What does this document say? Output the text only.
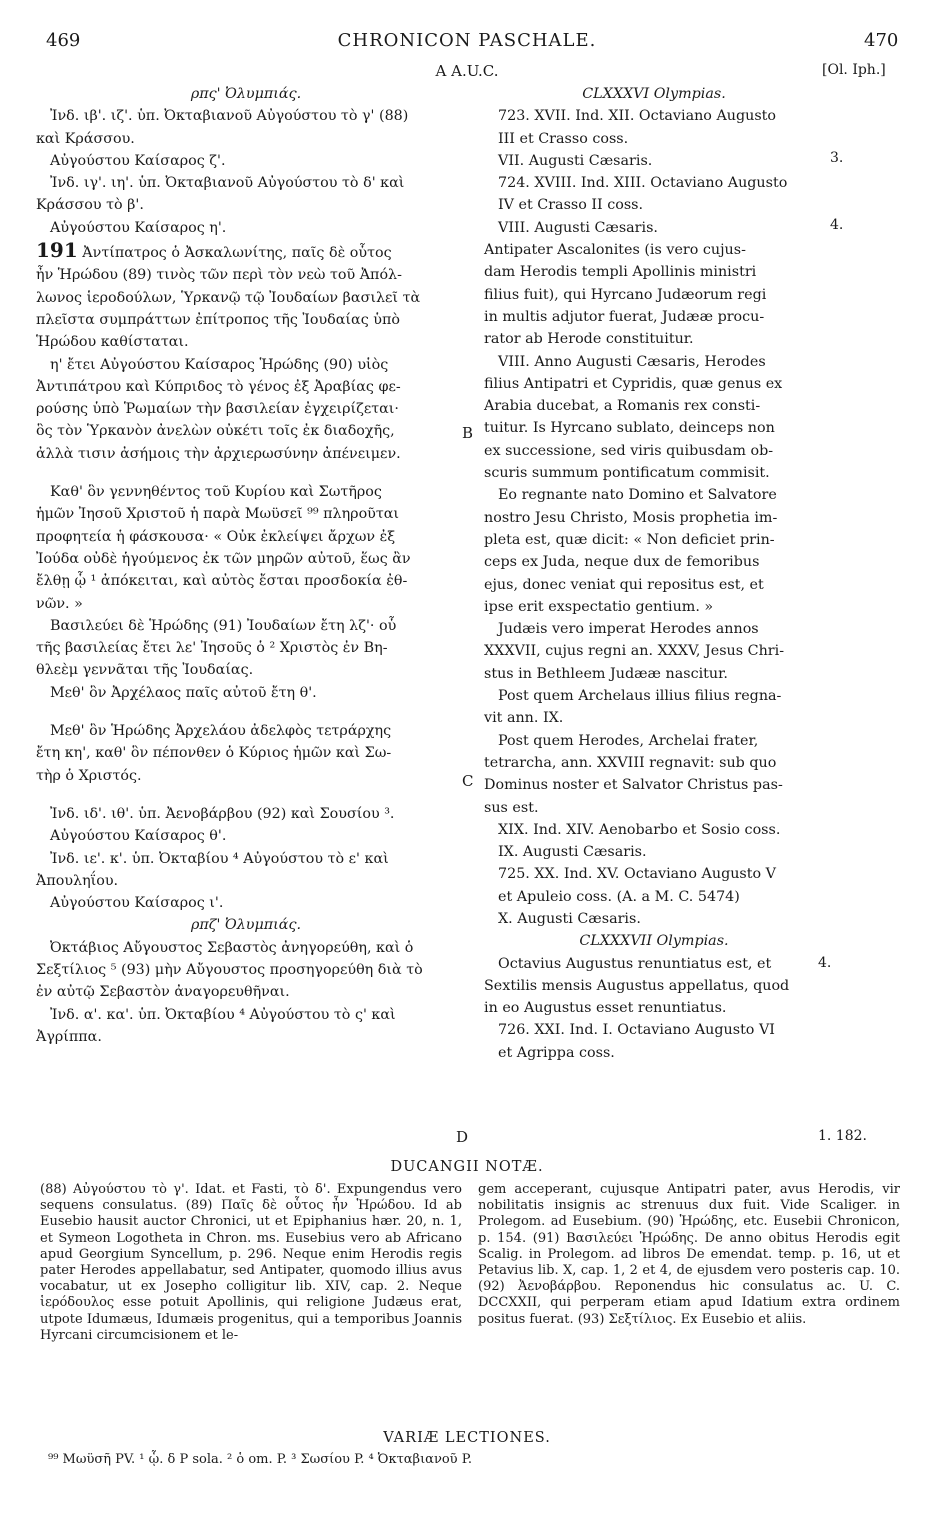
469	CHRONICON PASCHALE.	470
A A.U.C.	[Ol. Iph.]

ρπς' Ὀλυμπιάς.

Ἰνδ. ιβ'. ιζ'. ὑπ. Ὀκταβιανοῦ Αὐγούστου τὸ γ' (88)

καὶ Κράσσου.

Αὐγούστου Καίσαρος ζ'.

Ἰνδ. ιγ'. ιη'. ὑπ. Ὀκταβιανοῦ Αὐγούστου τὸ δ' καὶ

Κράσσου τὸ β'.

Αὐγούστου Καίσαρος η'.

191 Ἀντίπατρος ὁ Ἀσκαλωνίτης, παῖς δὲ οὗτος

ἦν Ἡρώδου (89) τινὸς τῶν περὶ τὸν νεὼ τοῦ Ἀπόλ-

λωνος ἱεροδούλων, Ὑρκανῷ τῷ Ἰουδαίων βασιλεῖ τὰ

πλεῖστα συμπράττων ἐπίτροπος τῆς Ἰουδαίας ὑπὸ

Ἡρώδου καθίσταται.

η' ἔτει Αὐγούστου Καίσαρος Ἡρώδης (90) υἱὸς

Ἀντιπάτρου καὶ Κύπριδος τὸ γένος ἐξ Ἀραβίας φε-

ρούσης ὑπὸ Ῥωμαίων τὴν βασιλείαν ἐγχειρίζεται·

ὃς τὸν Ὑρκανὸν ἀνελὼν οὐκέτι τοῖς ἐκ διαδοχῆς,

ἀλλὰ τισιν ἀσήμοις τὴν ἀρχιερωσύνην ἀπένειμεν.

Καθ' ὃν γεννηθέντος τοῦ Κυρίου καὶ Σωτῆρος

ἡμῶν Ἰησοῦ Χριστοῦ ἡ παρὰ Μωϋσεῖ ⁹⁹ πληροῦται

προφητεία ἡ φάσκουσα· « Οὐκ ἐκλείψει ἄρχων ἐξ

Ἰούδα οὐδὲ ἡγούμενος ἐκ τῶν μηρῶν αὐτοῦ, ἕως ἂν

ἔλθῃ ᾧ ¹ ἀπόκειται, καὶ αὐτὸς ἔσται προσδοκία ἐθ-

νῶν. »

Βασιλεύει δὲ Ἡρώδης (91) Ἰουδαίων ἔτη λζ'· οὗ

τῆς βασιλείας ἔτει λε' Ἰησοῦς ὁ ² Χριστὸς ἐν Βη-

θλεὲμ γεννᾶται τῆς Ἰουδαίας.

Μεθ' ὃν Ἀρχέλαος παῖς αὐτοῦ ἔτη θ'.

Μεθ' ὃν Ἡρώδης Ἀρχελάου ἀδελφὸς τετράρχης

ἔτη κη', καθ' ὃν πέπονθεν ὁ Κύριος ἡμῶν καὶ Σω-

τὴρ ὁ Χριστός.

Ἰνδ. ιδ'. ιθ'. ὑπ. Ἀενοβάρβου (92) καὶ Σουσίου ³.

Αὐγούστου Καίσαρος θ'.

Ἰνδ. ιε'. κ'. ὑπ. Ὀκταβίου ⁴ Αὐγούστου τὸ ε' καὶ

Ἀπουληΐου.

Αὐγούστου Καίσαρος ι'.

ρπζ' Ὀλυμπιάς.

Ὀκτάβιος Αὔγουστος Σεβαστὸς ἀνηγορεύθη, καὶ ὁ

Σεξτίλιος ⁵ (93) μὴν Αὔγουστος προσηγορεύθη διὰ τὸ

ἐν αὐτῷ Σεβαστὸν ἀναγορευθῆναι.

Ἰνδ. α'. κα'. ὑπ. Ὀκταβίου ⁴ Αὐγούστου τὸ ς' καὶ

Ἀγρίππα.

CLXXXVI Olympias.

723. XVII. Ind. XII. Octaviano Augusto

III et Crasso coss.

VII. Augusti Cæsaris.

724. XVIII. Ind. XIII. Octaviano Augusto

IV et Crasso II coss.

VIII. Augusti Cæsaris.

Antipater Ascalonites (is vero cujus-

dam Herodis templi Apollinis ministri

filius fuit), qui Hyrcano Judæorum regi

in multis adjutor fuerat, Judææ procu-

rator ab Herode constituitur.

VIII. Anno Augusti Cæsaris, Herodes

filius Antipatri et Cypridis, quæ genus ex

Arabia ducebat, a Romanis rex consti-

tuitur. Is Hyrcano sublato, deinceps non

ex successione, sed viris quibusdam ob-

scuris summum pontificatum commisit.

Eo regnante nato Domino et Salvatore

nostro Jesu Christo, Mosis prophetia im-

pleta est, quæ dicit: « Non deficiet prin-

ceps ex Juda, neque dux de femoribus

ejus, donec veniat qui repositus est, et

ipse erit exspectatio gentium. »

Judæis vero imperat Herodes annos

XXXVII, cujus regni an. XXXV, Jesus Chri-

stus in Bethleem Judææ nascitur.

Post quem Archelaus illius filius regna-

vit ann. IX.

Post quem Herodes, Archelai frater,

tetrarcha, ann. XXVIII regnavit: sub quo

Dominus noster et Salvator Christus pas-

sus est.

XIX. Ind. XIV. Aenobarbo et Sosio coss.

IX. Augusti Cæsaris.

725. XX. Ind. XV. Octaviano Augusto V

et Apuleio coss. (A. a M. C. 5474)

X. Augusti Cæsaris.

CLXXXVII Olympias.

Octavius Augustus renuntiatus est, et

Sextilis mensis Augustus appellatus, quod

in eo Augustus esset renuntiatus.

726. XXI. Ind. I. Octaviano Augusto VI

et Agrippa coss.

3.
4.
4.
1. 182.
B
C
D
DUCANGII NOTÆ.

(88) Αὐγούστου τὸ γ'. Idat. et Fasti, τὸ δ'. Expungendus vero sequens consulatus. (89) Παῖς δὲ οὗτος ἦν Ἡρώδου. Id ab Eusebio hausit auctor Chronici, ut et Epiphanius hær. 20, n. 1, et Symeon Logotheta in Chron. ms. Eusebius vero ab Africano apud Georgium Syncellum, p. 296. Neque enim Herodis regis pater Herodes appellabatur, sed Antipater, quomodo illius avus vocabatur, ut ex Josepho colligitur lib. XIV, cap. 2. Neque ἱερόδουλος esse potuit Apollinis, qui religione Judæus erat, utpote Idumæus, Idumæis progenitus, qui a temporibus Joannis Hyrcani circumcisionem et le-

gem acceperant, cujusque Antipatri pater, avus Herodis, vir nobilitatis insignis ac strenuus dux fuit. Vide Scaliger. in Prolegom. ad Eusebium. (90) Ἡρώδης, etc. Eusebii Chronicon, p. 154. (91) Βασιλεύει Ἡρώδης. De anno obitus Herodis egit Scalig. in Prolegom. ad libros De emendat. temp. p. 16, ut et Petavius lib. X, cap. 1, 2 et 4, de ejusdem vero posteris cap. 10. (92) Ἀενοβάρβου. Reponendus hic consulatus ac. U. C. DCCXXII, qui perperam etiam apud Idatium extra ordinem positus fuerat. (93) Σεξτίλιος. Ex Eusebio et aliis.

VARIÆ LECTIONES.
⁹⁹ Μωϋσῆ PV. ¹ ᾧ. δ P sola. ² ὁ om. P. ³ Σωσίου P. ⁴ Ὀκταβιανοῦ P.
